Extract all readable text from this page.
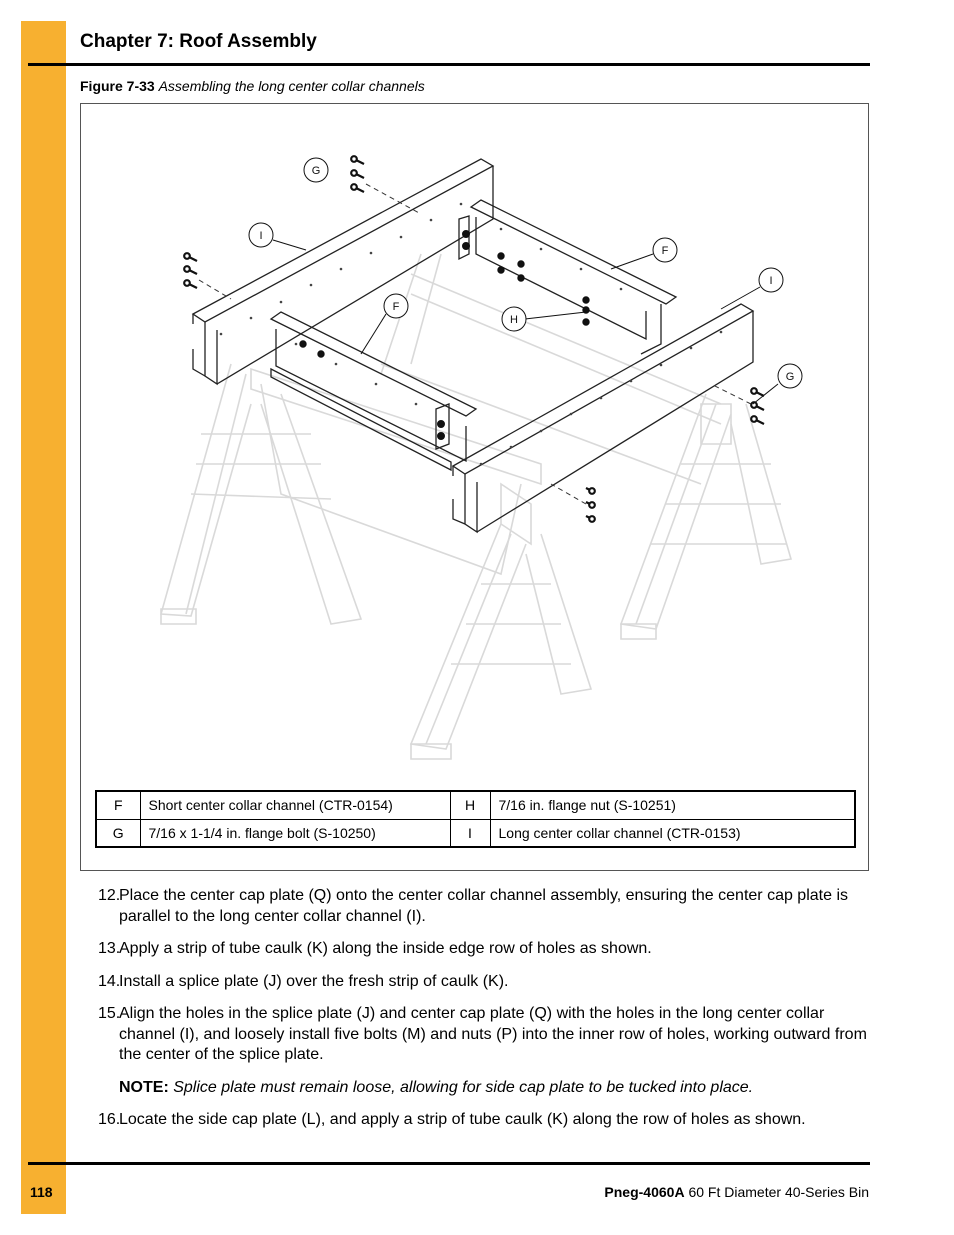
Chapter 7: Roof Assembly
Figure 7-33 Assembling the long center collar channels
G
I
F
F
H
I
G
F	Short center collar channel (CTR-0154)	H	7/16 in. flange nut (S-10251)
G	7/16 x 1-1/4 in. flange bolt (S-10250)	I	Long center collar channel (CTR-0153)
12.
Place the center cap plate (Q) onto the center collar channel assembly, ensuring the center cap plate is parallel to the long center collar channel (I).
13.
Apply a strip of tube caulk (K) along the inside edge row of holes as shown.
14.
Install a splice plate (J) over the fresh strip of caulk (K).
15.
Align the holes in the splice plate (J) and center cap plate (Q) with the holes in the long center collar channel (I), and loosely install five bolts (M) and nuts (P) into the inner row of holes, working outward from the center of the splice plate.
NOTE: Splice plate must remain loose, allowing for side cap plate to be tucked into place.
16.
Locate the side cap plate (L), and apply a strip of tube caulk (K) along the row of holes as shown.
118	Pneg-4060A 60 Ft Diameter 40-Series Bin
